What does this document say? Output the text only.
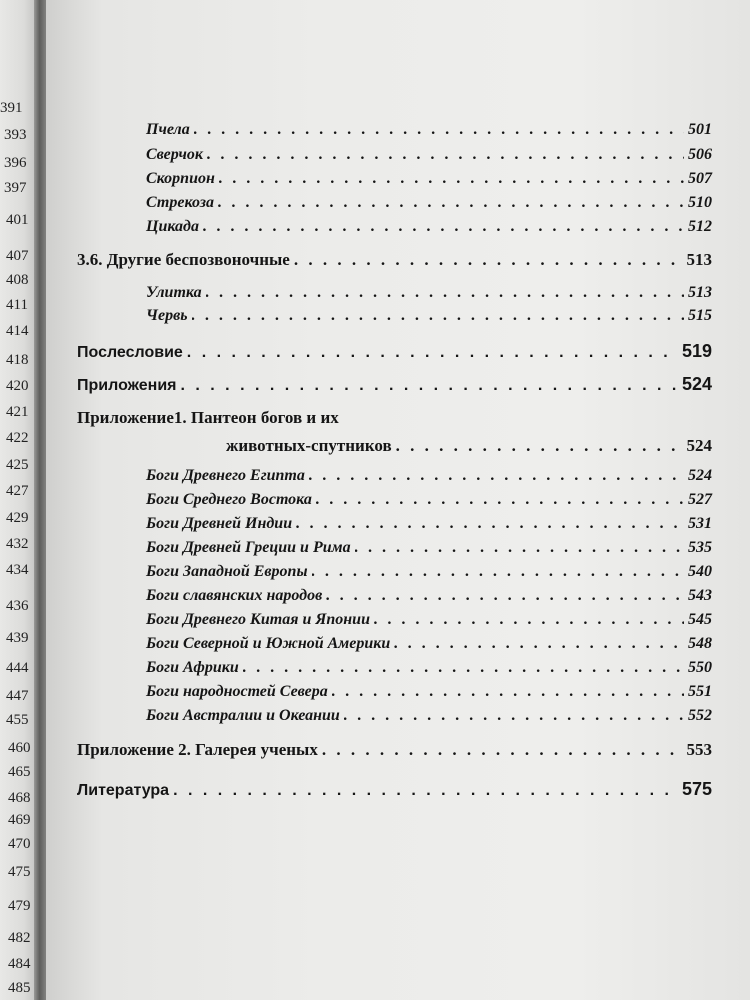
391
393
396
397
401
407
408
411
414
418
420
421
422
425
427
429
432
434
436
439
444
447
455
460
465
468
469
470
475
479
482
484
485
Пчела . . .	501
Сверчок . . .	506
Скорпион . . .	507
Стрекоза . . .	510
Цикада . . .	512
3.6. Другие беспозвоночные . . .	513
Улитка . . .	513
Червь . . .	515
Послесловие . . .	519
Приложения . . .	524
Приложение1. Пантеон богов и их
животных-спутников . . .	524
Боги Древнего Египта . . .	524
Боги Среднего Востока . . .	527
Боги Древней Индии . . .	531
Боги Древней Греции и Рима . . .	535
Боги Западной Европы . . .	540
Боги славянских народов . . .	543
Боги Древнего Китая и Японии . . .	545
Боги Северной и Южной Америки . . .	548
Боги Африки . . .	550
Боги народностей Севера . . .	551
Боги Австралии и Океании . . .	552
Приложение 2. Галерея ученых . . .	553
Литература . . .	575
